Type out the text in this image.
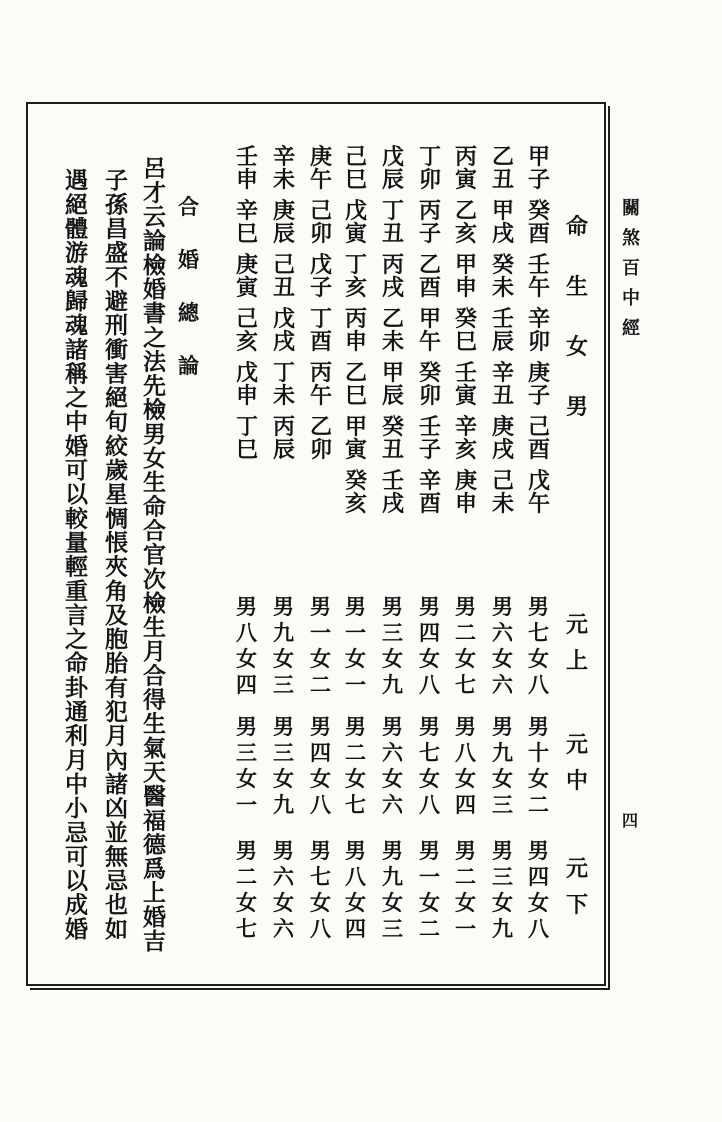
關
煞
百
中
經
四
命
生
女
男
元
上
元
中
元
下
甲
子
癸
酉
壬
午
辛
卯
庚
子
己
酉
戊
午
男
七
女
八
男
十
女
二
男
四
女
八
乙
丑
甲
戌
癸
未
壬
辰
辛
丑
庚
戌
己
未
男
六
女
六
男
九
女
三
男
三
女
九
丙
寅
乙
亥
甲
申
癸
巳
壬
寅
辛
亥
庚
申
男
二
女
七
男
八
女
四
男
二
女
一
丁
卯
丙
子
乙
酉
甲
午
癸
卯
壬
子
辛
酉
男
四
女
八
男
七
女
八
男
一
女
二
戊
辰
丁
丑
丙
戌
乙
未
甲
辰
癸
丑
壬
戌
男
三
女
九
男
六
女
六
男
九
女
三
己
巳
戊
寅
丁
亥
丙
申
乙
巳
甲
寅
癸
亥
男
一
女
一
男
二
女
七
男
八
女
四
庚
午
己
卯
戊
子
丁
酉
丙
午
乙
卯
男
一
女
二
男
四
女
八
男
七
女
八
辛
未
庚
辰
己
丑
戊
戌
丁
未
丙
辰
男
九
女
三
男
三
女
九
男
六
女
六
壬
申
辛
巳
庚
寅
己
亥
戊
申
丁
巳
男
八
女
四
男
三
女
一
男
二
女
七
合
婚
總
論
呂才云論檢婚書之法先檢男女生命合官次檢生月合得生氣天醫福德爲上婚吉
子孫昌盛不避刑衝害絕旬絞歲星惆悵夾角及胞胎有犯月內諸凶並無忌也如
遇絕體游魂歸魂諸稱之中婚可以較量輕重言之命卦通利月中小忌可以成婚
